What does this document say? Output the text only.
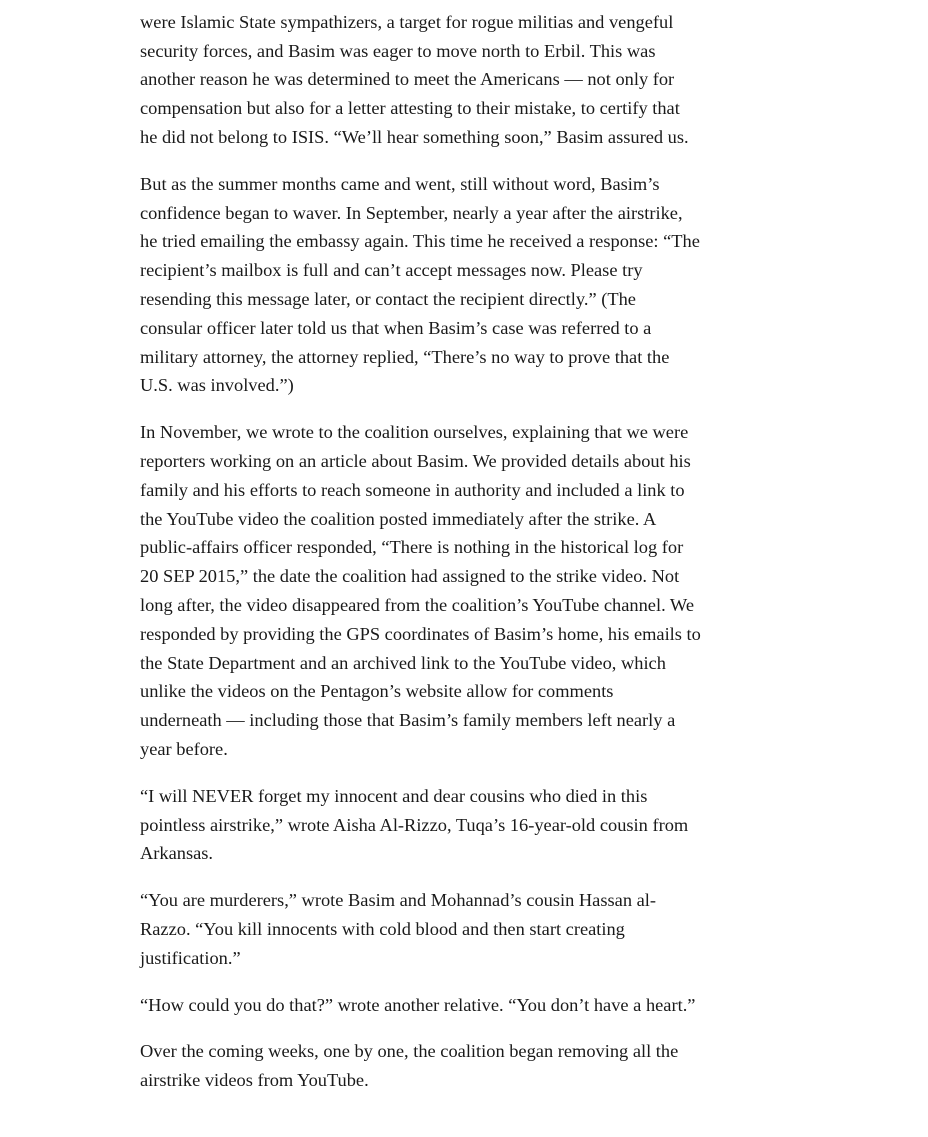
were Islamic State sympathizers, a target for rogue militias and vengeful
security forces, and Basim was eager to move north to Erbil. This was
another reason he was determined to meet the Americans — not only for
compensation but also for a letter attesting to their mistake, to certify that
he did not belong to ISIS. “We’ll hear something soon,” Basim assured us.

But as the summer months came and went, still without word, Basim’s
confidence began to waver. In September, nearly a year after the airstrike,
he tried emailing the embassy again. This time he received a response: “The
recipient’s mailbox is full and can’t accept messages now. Please try
resending this message later, or contact the recipient directly.” (The
consular officer later told us that when Basim’s case was referred to a
military attorney, the attorney replied, “There’s no way to prove that the
U.S. was involved.”)

In November, we wrote to the coalition ourselves, explaining that we were
reporters working on an article about Basim. We provided details about his
family and his efforts to reach someone in authority and included a link to
the YouTube video the coalition posted immediately after the strike. A
public-affairs officer responded, “There is nothing in the historical log for
20 SEP 2015,” the date the coalition had assigned to the strike video. Not
long after, the video disappeared from the coalition’s YouTube channel. We
responded by providing the GPS coordinates of Basim’s home, his emails to
the State Department and an archived link to the YouTube video, which
unlike the videos on the Pentagon’s website allow for comments
underneath — including those that Basim’s family members left nearly a
year before.

“I will NEVER forget my innocent and dear cousins who died in this
pointless airstrike,” wrote Aisha Al-Rizzo, Tuqa’s 16-year-old cousin from
Arkansas.

“You are murderers,” wrote Basim and Mohannad’s cousin Hassan al-
Razzo. “You kill innocents with cold blood and then start creating
justification.”

“How could you do that?” wrote another relative. “You don’t have a heart.”

Over the coming weeks, one by one, the coalition began removing all the
airstrike videos from YouTube.
